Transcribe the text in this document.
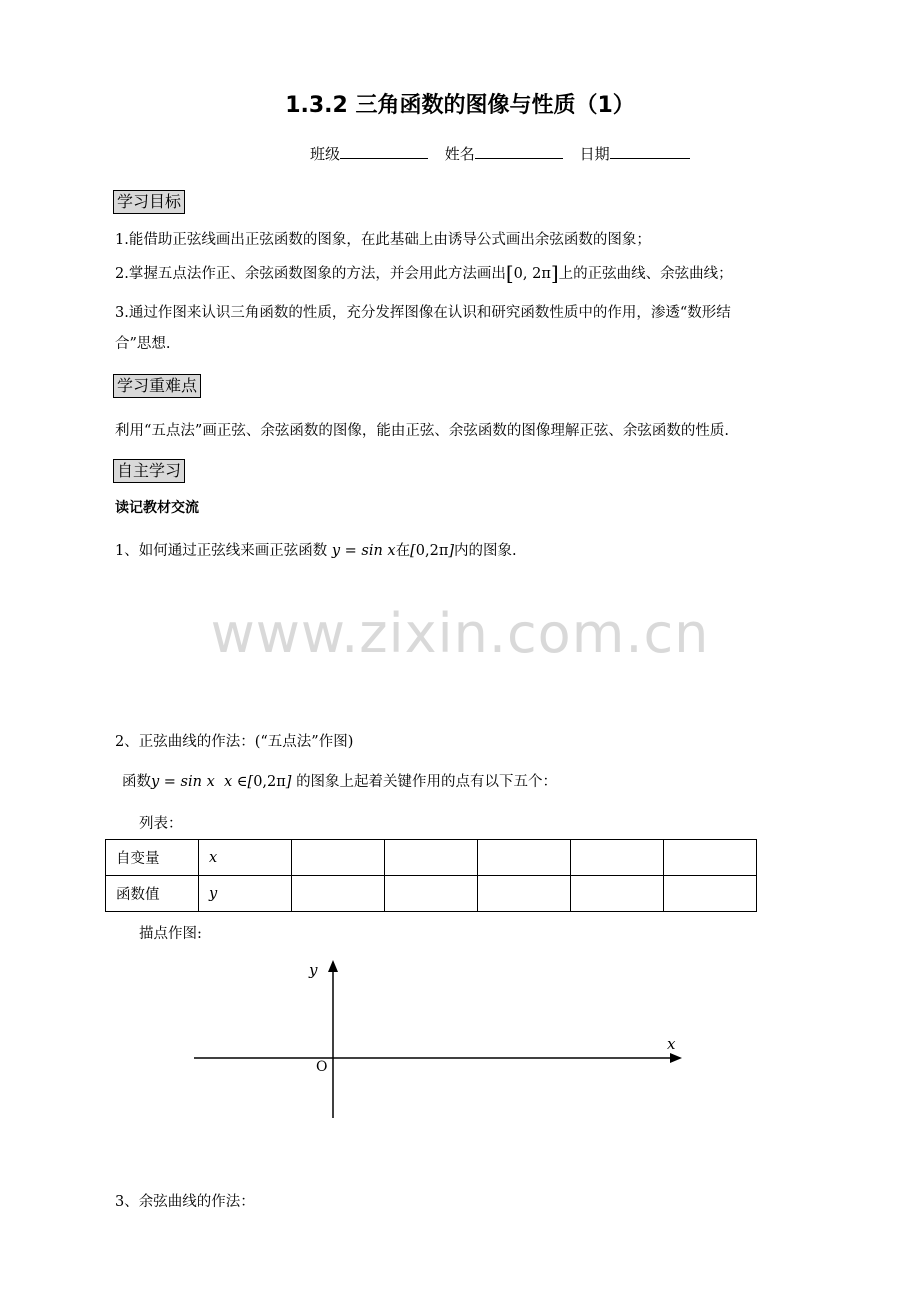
1.3.2 三角函数的图像与性质（1）
班级	姓名	日期
学习目标
1.能借助正弦线画出正弦函数的图象，在此基础上由诱导公式画出余弦函数的图象；
2.掌握五点法作正、余弦函数图象的方法，并会用此方法画出[0, 2π]上的正弦曲线、余弦曲线；
3.通过作图来认识三角函数的性质，充分发挥图像在认识和研究函数性质中的作用，渗透“数形结
合”思想.
学习重难点
利用“五点法”画正弦、余弦函数的图像，能由正弦、余弦函数的图像理解正弦、余弦函数的性质.
自主学习
读记教材交流
1、如何通过正弦线来画正弦函数 y = sin x在[0,2π]内的图象.
www.zixin.com.cn
2、正弦曲线的作法：(“五点法”作图)
函数y = sin x x ∈[0,2π] 的图象上起着关键作用的点有以下五个：
列表：
自变量	x					
函数值	y					
描点作图:
x
y
O
3、余弦曲线的作法：
